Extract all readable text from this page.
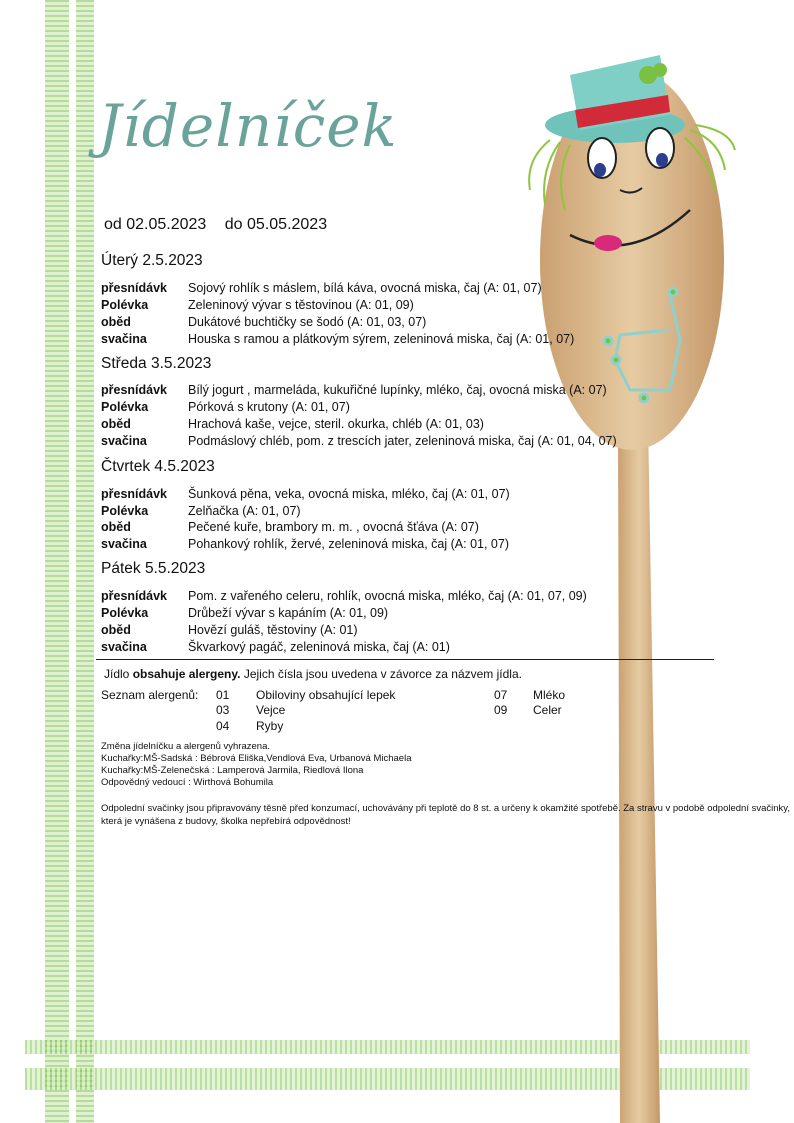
Jídelníček
od 02.05.2023 do 05.05.2023
Úterý 2.5.2023
přesnídávk Sojový rohlík s máslem, bílá káva, ovocná miska, čaj (A: 01, 07)
Polévka	Zeleninový vývar s těstovinou (A: 01, 09)
oběd	Dukátové buchtičky se šodó (A: 01, 03, 07)
svačina	Houska s ramou a plátkovým sýrem, zeleninová miska, čaj (A: 01, 07)
Středa 3.5.2023
přesnídávk Bílý jogurt , marmeláda, kukuřičné lupínky, mléko, čaj, ovocná miska (A: 07)
Polévka	Pórková s krutony (A: 01, 07)
oběd	Hrachová kaše, vejce, steril. okurka, chléb (A: 01, 03)
svačina	Podmáslový chléb, pom. z trescích jater, zeleninová miska, čaj (A: 01, 04, 07)
Čtvrtek 4.5.2023
přesnídávk Šunková pěna, veka, ovocná miska, mléko, čaj (A: 01, 07)
Polévka	Zelňačka (A: 01, 07)
oběd	Pečené kuře, brambory m. m. , ovocná šťáva (A: 07)
svačina	Pohankový rohlík, žervé, zeleninová miska, čaj (A: 01, 07)
Pátek 5.5.2023
přesnídávk Pom. z vařeného celeru, rohlík, ovocná miska, mléko, čaj (A: 01, 07, 09)
Polévka	Drůbeží vývar s kapáním (A: 01, 09)
oběd	Hovězí guláš, těstoviny (A: 01)
svačina	Škvarkový pagáč, zeleninová miska, čaj (A: 01)
Jídlo obsahuje alergeny. Jejich čísla jsou uvedena v závorce za názvem jídla.
Seznam alergenů: 01 Obiloviny obsahující lepek
03 Vejce
04 Ryby
07 Mléko
09 Celer
Změna jídelníčku a alergenů vyhrazena.
Kuchařky:MŠ-Sadská : Bébrová Eliška,Vendlová Eva, Urbanová Michaela
Kuchařky:MŠ-Zelenečská : Lamperová Jarmila, Riedlová Ilona
Odpovědný vedoucí : Wirthová Bohumila
Odpolední svačinky jsou připravovány těsně před konzumací, uchovávány při teplotě do 8 st. a určeny k okamžité spotřebě. Za stravu v podobě odpolední svačinky, která je vynášena z budovy, školka nepřebírá odpovědnost!
